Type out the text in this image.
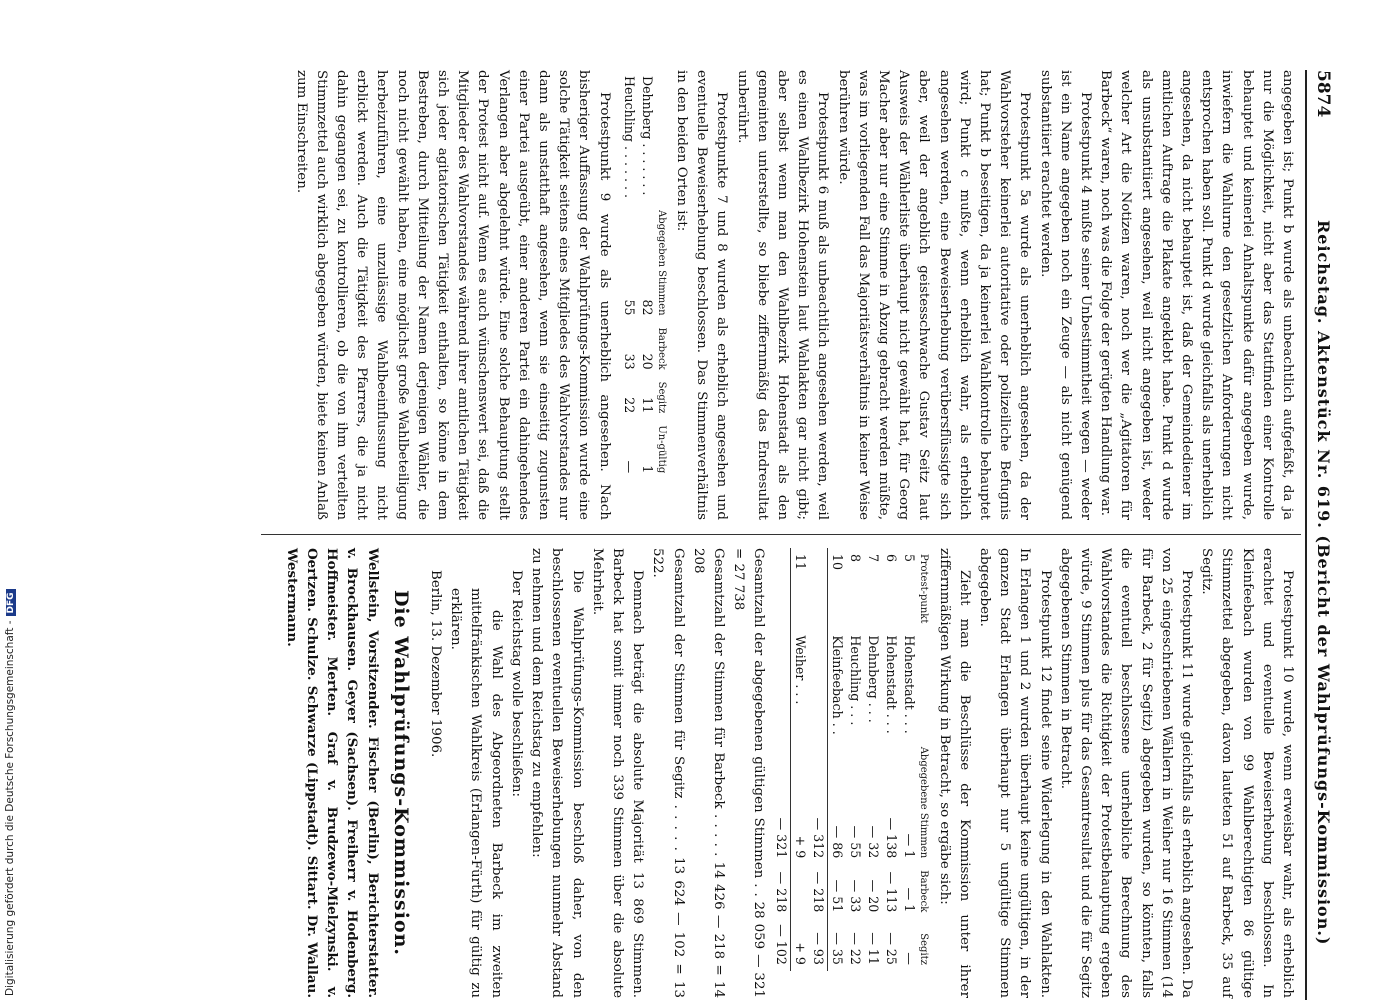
5874
Reichstag. Aktenstück Nr. 619. (Bericht der Wahlprüfungs-Kommission.)

angegeben ist; Punkt b wurde als unbeachtlich aufgefaßt, da ja nur die Möglichkeit, nicht aber das Stattfinden einer Kontrolle behauptet und keinerlei Anhaltspunkte dafür angegeben wurde, inwiefern die Wahlurne den gesetzlichen Anforderungen nicht entsprochen haben soll. Punkt d wurde gleichfalls als unerheblich angesehen, da nicht behauptet ist, daß der Gemeindediener im amtlichen Auftrage die Plakate angeklebt habe. Punkt d wurde als unsubstantiiert angesehen, weil nicht angegeben ist, weder welcher Art die Notizen waren, noch wer die „Agitatoren für Barbeck“ waren, noch was die Folge der gerügten Handlung war.

Protestpunkt 4 mußte seiner Unbestimmtheit wegen — weder ist ein Name angegeben noch ein Zeuge — als nicht genügend substantiiert erachtet werden.

Protestpunkt 5a wurde als unerheblich angesehen, da der Wahlvorsteher keinerlei autoritative oder polizeiliche Befugnis hat; Punkt b beseitigen, da ja keinerlei Wahlkontrolle behauptet wird; Punkt c mußte, wenn erheblich wahr, als erheblich angesehen werden, eine Beweiserhebung verübersflüssigte sich aber, weil der angeblich geistesschwache Gustav Seitz laut Ausweis der Wählerliste überhaupt nicht gewählt hat, für Georg Macher aber nur eine Stimme in Abzug gebracht werden müßte, was im vorliegenden Fall das Majoritätsverhältnis in keiner Weise berühren würde.

Protestpunkt 6 muß als unbeachtlich angesehen werden, weil es einen Wahlbezirk Hohenstein laut Wahlakten gar nicht gibt; aber selbst wenn man den Wahlbezirk Hohenstadt als den gemeinten unterstellte, so bliebe ziffernmäßig das Endresultat unberührt.

Protestpunkte 7 und 8 wurden als erheblich angesehen und eventuelle Beweiserhebung beschlossen. Das Stimmenverhältnis in den beiden Orten ist:

	Abgegeben Stimmen	Barbeck	Segitz	Un-gültig
Dehnberg . . . . . . .	82	20	11	1
Heuchling . . . . . . .	55	33	22	—

Protestpunkt 9 wurde als unerheblich angesehen. Nach bisheriger Auffassung der Wahlprüfungs-Kommission wurde eine solche Tätigkeit seitens eines Mitgliedes des Wahlvorstandes nur dann als unstatthaft angesehen, wenn sie einseitig zugunsten einer Partei ausgeübt, einer anderen Partei ein dahingehendes Verlangen aber abgelehnt würde. Eine solche Behauptung stellt der Protest nicht auf. Wenn es auch wünschenswert sei, daß die Mitglieder des Wahlvorstandes während ihrer amtlichen Tätigkeit sich jeder agitatorischen Tätigkeit enthalten, so könne in dem Bestreben, durch Mitteilung der Namen derjenigen Wähler, die noch nicht gewählt haben, eine möglichst große Wahlbeteiligung herbeizuführen, eine unzulässige Wahlbeeinflussung nicht erblickt werden. Auch die Tätigkeit des Pfarrers, die ja nicht dahin gegangen sei, zu kontrollieren, ob die von ihm verteilten Stimmzettel auch wirklich abgegeben würden, biete keinen Anlaß zum Einschreiten.

Protestpunkt 10 wurde, wenn erweisbar wahr, als erheblich erachtet und eventuelle Beweiserhebung beschlossen. In Kleinfeebach wurden von 99 Wahlberechtigten 86 gültige Stimmzettel abgegeben, davon lauteten 51 auf Barbeck, 35 auf Segitz.

Protestpunkt 11 wurde gleichfalls als erheblich angesehen. Da von 25 eingeschriebenen Wählern in Weiher nur 16 Stimmen (14 für Barbeck, 2 für Segitz) abgegeben wurden, so könnten, falls die eventuell beschlossene unerhebliche Berechnung des Wahlvorstandes die Richtigkeit der Protestbehauptung ergeben würde, 9 Stimmen plus für das Gesamtresultat und die für Segitz abgegebenen Stimmen in Betracht.

Protestpunkt 12 findet seine Widerlegung in den Wahlakten. In Erlangen 1 und 2 wurden überhaupt keine ungültigen, in der ganzen Stadt Erlangen überhaupt nur 5 ungültige Stimmen abgegeben.

Zieht man die Beschlüsse der Kommission unter ihrer ziffernmäßigen Wirkung in Betracht, so ergäbe sich:

Protest-punkt		Abgegebene Stimmen	Barbeck	Segitz
5	Hohenstadt . . .	— 1	— 1	—
6	Hohenstadt . . .	— 138	— 113	— 25
7	Dehnberg . . .	— 32	— 20	— 11
8	Heuchling . . .	— 55	— 33	— 22
10	Kleinfeebach . .	— 86	— 51	— 35
		— 312	— 218	— 93
11	Weiher . . .	+ 9		+ 9
		— 321	— 218	— 102

Gesamtzahl der abgegebenen gültigen Stimmen . . 28 059 — 321 = 27 738

Gesamtzahl der Stimmen für Barbeck . . . . . 14 426 — 218 = 14 208

Gesamtzahl der Stimmen für Segitz . . . . . 13 624 — 102 = 13 522.

Demnach beträgt die absolute Majorität 13 869 Stimmen. Barbeck hat somit immer noch 339 Stimmen über die absolute Mehrheit.

Die Wahlprüfungs-Kommission beschloß daher, von den beschlossenen eventuellen Beweiserhebungen nunmehr Abstand zu nehmen und dem Reichstag zu empfehlen:

Der Reichstag wolle beschließen:

die Wahl des Abgeordneten Barbeck im zweiten mittelfränkischen Wahlkreis (Erlangen-Fürth) für gültig zu erklären.

Berlin, 13. Dezember 1906.

Die Wahlprüfungs-Kommission.

Wellstein, Vorsitzender. Fischer (Berlin), Berichterstatter. v. Brockhausen. Geyer (Sachsen). Freiherr v. Hodenberg. Hoffmeister. Merten. Graf v. Brudzewo-Mielzynski. v. Oertzen. Schulze. Schwarze (Lippstadt). Sittart. Dr. Wallau. Westermann.

Digitalisierung gefördert durch die Deutsche Forschungsgemeinschaft -DFG
